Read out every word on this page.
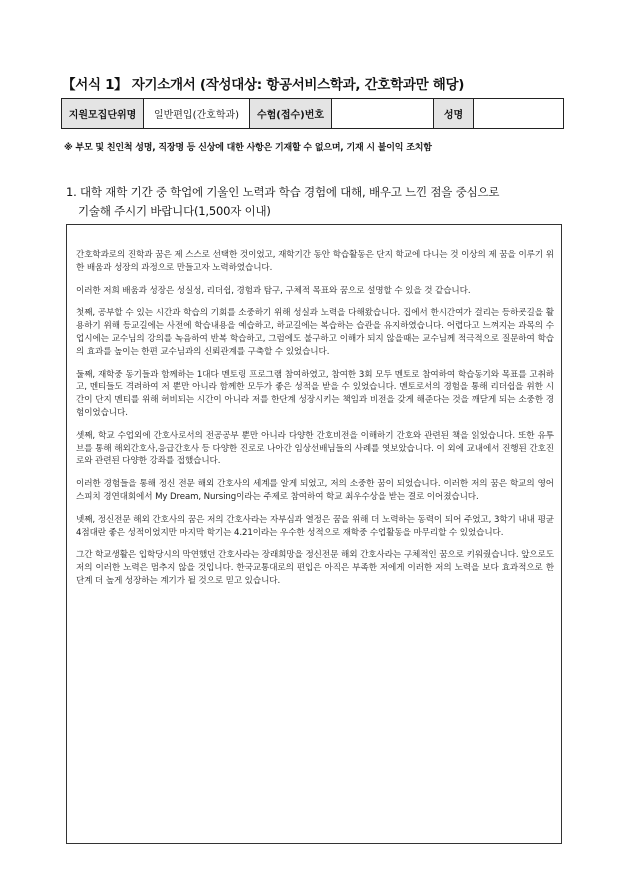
【서식 1】 자기소개서 (작성대상: 항공서비스학과, 간호학과만 해당)
지원모집단위명	일반편입(간호학과)	수험(접수)번호		성명	
※ 부모 및 친인척 성명, 직장명 등 신상에 대한 사항은 기재할 수 없으며, 기재 시 불이익 조치함
1. 대학 재학 기간 중 학업에 기울인 노력과 학습 경험에 대해, 배우고 느낀 점을 중심으로
기술해 주시기 바랍니다(1,500자 이내)

간호학과로의 진학과 꿈은 제 스스로 선택한 것이었고, 재학기간 동안 학습활동은 단지 학교에 다니는 것 이상의 제 꿈을 이루기 위한 배움과 성장의 과정으로 만들고자 노력하였습니다.

이러한 저희 배움과 성장은 성실성, 리더쉽, 경험과 탐구, 구체적 목표와 꿈으로 설명할 수 있을 것 같습니다.

첫째, 공부할 수 있는 시간과 학습의 기회를 소중하기 위해 성실과 노력을 다해왔습니다. 집에서 한시간여가 걸리는 등하굣길을 활용하기 위해 등교길에는 사전에 학습내용을 예습하고, 하교길에는 복습하는 습관을 유지하였습니다. 어렵다고 느껴지는 과목의 수업시에는 교수님의 강의를 녹음하여 반복 학습하고, 그럼에도 불구하고 이해가 되지 않을때는 교수님께 적극적으로 질문하여 학습의 효과를 높이는 한편 교수님과의 신뢰관계를 구축할 수 있었습니다.

둘째, 재학중 동기들과 함께하는 1대다 멘토링 프로그램 참여하였고, 참여한 3회 모두 멘토로 참여하여 학습동기와 목표를 고취하고, 멘티들도 격려하여 저 뿐만 아니라 함께한 모두가 좋은 성적을 받을 수 있었습니다. 멘토로서의 경험을 통해 리더쉽을 위한 시간이 단지 멘티를 위해 허비되는 시간이 아니라 저를 한단계 성장시키는 책임과 비전을 갖게 해준다는 것을 깨닫게 되는 소중한 경험이었습니다.

셋째, 학교 수업외에 간호사로서의 전공공부 뿐만 아니라 다양한 간호비전을 이해하기 간호와 관련된 책을 읽었습니다. 또한 유투브를 통해 해외간호사,응급간호사 등 다양한 진로로 나아간 임상선배님들의 사례를 엿보았습니다. 이 외에 교내에서 진행된 간호진로와 관련된 다양한 강좌를 접했습니다.

이러한 경험들을 통해 정신 전문 해외 간호사의 세계를 알게 되었고, 저의 소중한 꿈이 되었습니다. 이러한 저의 꿈은 학교의 영어스피치 경연대회에서 My Dream, Nursing이라는 주제로 참여하여 학교 최우수상을 받는 결로 이어졌습니다.

넷째, 정신전문 해외 간호사의 꿈은 저의 간호사라는 자부심과 열정은 꿈을 위해 더 노력하는 동력이 되어 주었고, 3학기 내내 평균 4점대란 좋은 성적이었지만 마지막 학기는 4.21이라는 우수한 성적으로 재학중 수업활동을 마무리할 수 있었습니다.

그간 학교생활은 입학당시의 막연했던 간호사라는 장래희망을 정신전문 해외 간호사라는 구체적인 꿈으로 키워줬습니다. 앞으로도 저의 이러한 노력은 멈추지 않을 것입니다. 한국교통대로의 편입은 아직은 부족한 저에게 이러한 저의 노력을 보다 효과적으로 한단계 더 높게 성장하는 계기가 될 것으로 믿고 있습니다.
